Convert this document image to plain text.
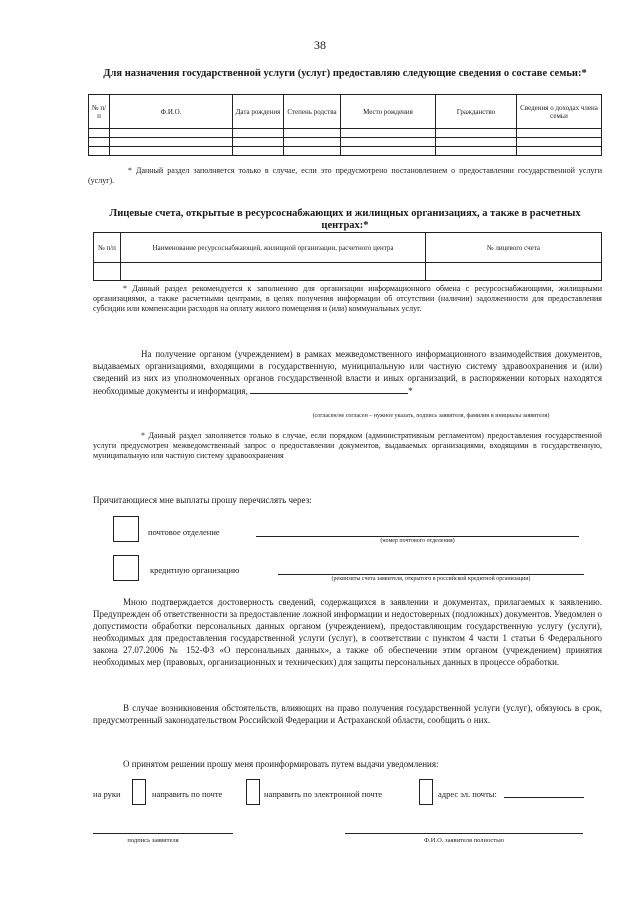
38
Для назначения государственной услуги (услуг) предоставляю следующие сведения о составе семьи:*
№ п/п	Ф.И.О.	Дата рождения	Степень родства	Место рождения	Гражданство	Сведения о доходах члена семьи

* Данный раздел заполняется только в случае, если это предусмотрено постановлением о предоставлении государственной услуги (услуг).
Лицевые счета, открытые в ресурсоснабжающих и жилищных организациях, а также в расчетных центрах:*
№ п/п	Наименование ресурсоснабжающей, жилищной организации, расчетного центра	№ лицевого счета

* Данный раздел рекомендуется к заполнению для организации информационного обмена с ресурсоснабжающими, жилищными организациями, а также расчетными центрами, в целях получения информации об отсутствии (наличии) задолженности для предоставления субсидии или компенсации расходов на оплату жилого помещения и (или) коммунальных услуг.
На получение органом (учреждением) в рамках межведомственного информационного взаимодействия документов, выдаваемых организациями, входящими в государственную, муниципальную или частную систему здравоохранения и (или) сведений из них из уполномоченных органов государственной власти и иных организаций, в распоряжении которых находятся необходимые документы и информация,	*
(согласен/не согласен – нужное указать, подпись заявителя, фамилия и инициалы заявителя)
* Данный раздел заполняется только в случае, если порядком (административным регламентом) предоставления государственной услуги предусмотрен межведомственный запрос о предоставлении документов, выдаваемых организациями, входящими в государственную, муниципальную или частную систему здравоохранения
Причитающиеся мне выплаты прошу перечислять через:
почтовое отделение
(номер почтового отделения)
кредитную организацию
(реквизиты счета заявителя, открытого в российской кредитной организации)
Мною подтверждается достоверность сведений, содержащихся в заявлении и документах, прилагаемых к заявлению. Предупрежден об ответственности за предоставление ложной информации и недостоверных (подложных) документов. Уведомлен о допустимости обработки персональных данных органом (учреждением), предоставляющим государственную услугу (услуги), необходимых для предоставления государственной услуги (услуг), в соответствии с пунктом 4 части 1 статьи 6 Федерального закона 27.07.2006 № 152-ФЗ «О персональных данных», а также об обеспечении этим органом (учреждением) принятия необходимых мер (правовых, организационных и технических) для защиты персональных данных в процессе обработки.
В случае возникновения обстоятельств, влияющих на право получения государственной услуги (услуг), обязуюсь в срок, предусмотренный законодательством Российской Федерации и Астраханской области, сообщить о них.
О принятом решении прошу меня проинформировать путем выдачи уведомления:
на руки	направить по почте	направить по электронной почте	адрес эл. почты:
подпись заявителя	Ф.И.О. заявителя полностью
